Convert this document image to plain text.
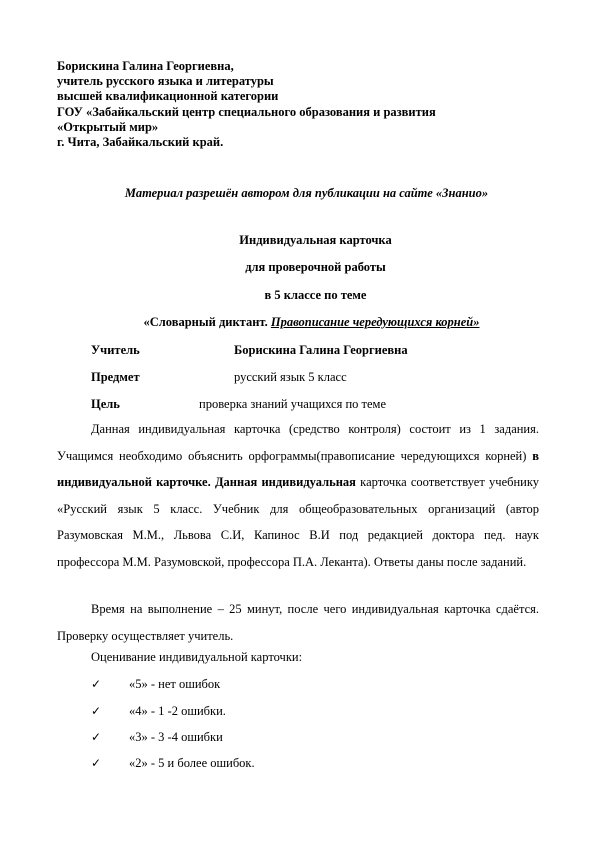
Борискина Галина Георгиевна,
учитель русского языка и литературы
высшей квалификационной категории
ГОУ «Забайкальский центр специального образования и развития
«Открытый мир»
г. Чита, Забайкальский край.
Материал разрешён автором для публикации на сайте «Знанио»
Индивидуальная карточка
для проверочной работы
в 5 классе по теме
«Словарный диктант. Правописание чередующихся корней»
Учитель	Борискина Галина Георгиевна
Предмет	русский язык 5 класс
Цель	проверка знаний учащихся по теме
Данная индивидуальная карточка (средство контроля) состоит из 1 задания. Учащимся необходимо объяснить орфограммы(правописание чередующихся корней) в индивидуальной карточке. Данная индивидуальная карточка соответствует учебнику «Русский язык 5 класс. Учебник для общеобразовательных организаций (автор Разумовская М.М., Львова С.И, Капинос В.И под редакцией доктора пед. наук профессора М.М. Разумовской, профессора П.А. Леканта). Ответы даны после заданий.
Время на выполнение – 25 минут, после чего индивидуальная карточка сдаётся. Проверку осуществляет учитель.
Оценивание индивидуальной карточки:
✓ «5» - нет ошибок
✓ «4» - 1 -2 ошибки.
✓ «3» - 3 -4 ошибки
✓ «2» - 5 и более ошибок.
